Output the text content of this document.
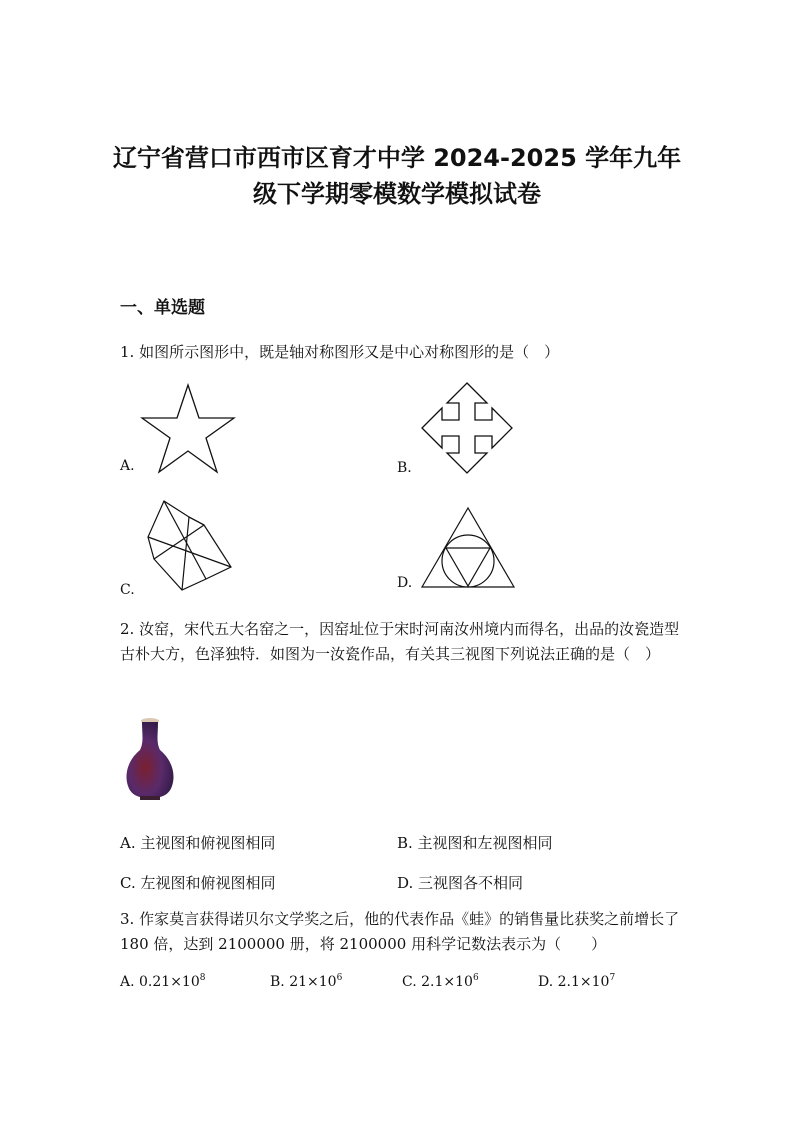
辽宁省营口市西市区育才中学 2024-2025 学年九年
级下学期零模数学模拟试卷
一、单选题
1. 如图所示图形中，既是轴对称图形又是中心对称图形的是（　）
A.	B.
C.	D.
2. 汝窑，宋代五大名窑之一，因窑址位于宋时河南汝州境内而得名，出品的汝瓷造型古朴大方，色泽独特．如图为一汝瓷作品，有关其三视图下列说法正确的是（　）
A. 主视图和俯视图相同	B. 主视图和左视图相同
C. 左视图和俯视图相同	D. 三视图各不相同
3. 作家莫言获得诺贝尔文学奖之后，他的代表作品《蛙》的销售量比获奖之前增长了 180 倍，达到 2100000 册，将 2100000 用科学记数法表示为（　　）
A. $0.21\times 10^8$	B. $21\times 10^6$	C. $2.1\times 10^6$	D. $2.1\times 10^7$
